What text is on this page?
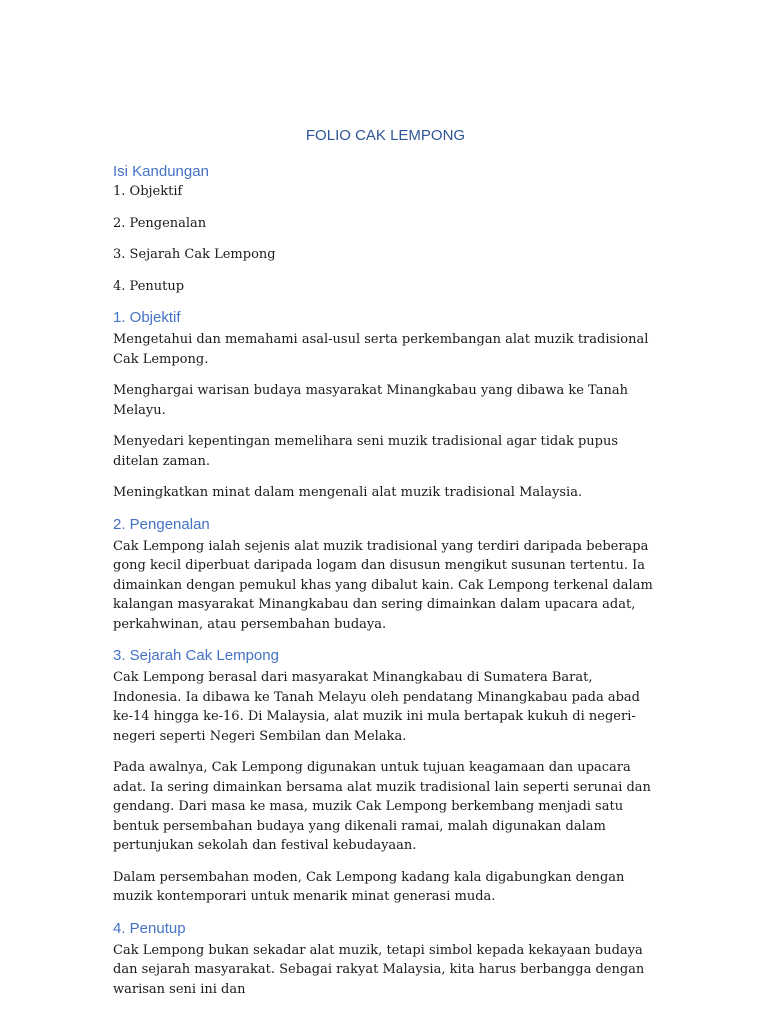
FOLIO CAK LEMPONG
Isi Kandungan

1. Objektif

2. Pengenalan

3. Sejarah Cak Lempong

4. Penutup

1. Objektif

Mengetahui dan memahami asal-usul serta perkembangan alat muzik tradisional Cak Lempong.

Menghargai warisan budaya masyarakat Minangkabau yang dibawa ke Tanah Melayu.

Menyedari kepentingan memelihara seni muzik tradisional agar tidak pupus ditelan zaman.

Meningkatkan minat dalam mengenali alat muzik tradisional Malaysia.

2. Pengenalan

Cak Lempong ialah sejenis alat muzik tradisional yang terdiri daripada beberapa gong kecil diperbuat daripada logam dan disusun mengikut susunan tertentu. Ia dimainkan dengan pemukul khas yang dibalut kain. Cak Lempong terkenal dalam kalangan masyarakat Minangkabau dan sering dimainkan dalam upacara adat, perkahwinan, atau persembahan budaya.

3. Sejarah Cak Lempong

Cak Lempong berasal dari masyarakat Minangkabau di Sumatera Barat, Indonesia. Ia dibawa ke Tanah Melayu oleh pendatang Minangkabau pada abad ke-14 hingga ke-16. Di Malaysia, alat muzik ini mula bertapak kukuh di negeri-negeri seperti Negeri Sembilan dan Melaka.

Pada awalnya, Cak Lempong digunakan untuk tujuan keagamaan dan upacara adat. Ia sering dimainkan bersama alat muzik tradisional lain seperti serunai dan gendang. Dari masa ke masa, muzik Cak Lempong berkembang menjadi satu bentuk persembahan budaya yang dikenali ramai, malah digunakan dalam pertunjukan sekolah dan festival kebudayaan.

Dalam persembahan moden, Cak Lempong kadang kala digabungkan dengan muzik kontemporari untuk menarik minat generasi muda.

4. Penutup

Cak Lempong bukan sekadar alat muzik, tetapi simbol kepada kekayaan budaya dan sejarah masyarakat. Sebagai rakyat Malaysia, kita harus berbangga dengan warisan seni ini dan
